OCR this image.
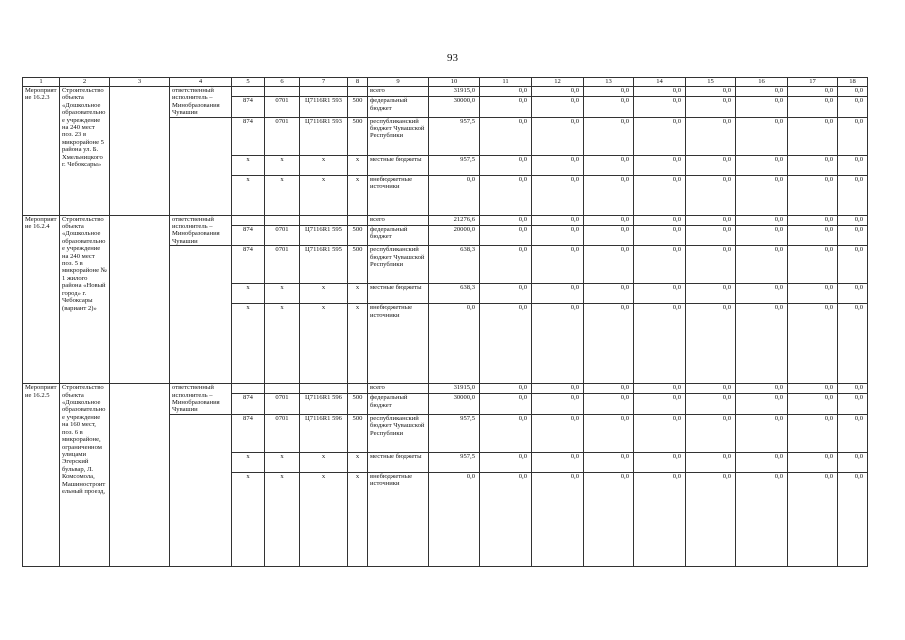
93
1	2	3	4	5	6	7	8	9	10	11	12	13	14	15	16	17	18
Мероприятие 16.2.3	Строительство объекта «Дошкольное образовательное учреждение на 240 мест поз. 23 в микрорайоне 5 района ул. Б. Хмельницкого г. Чебоксары»		ответственный исполнитель – Минобразования Чувашии					всего	31915,0	0,0	0,0	0,0	0,0	0,0	0,0	0,0	0,0
				874	0701	Ц7116R1 593	500	федеральный бюджет	30000,0	0,0	0,0	0,0	0,0	0,0	0,0	0,0	0,0
				874	0701	Ц7116R1 593	500	республиканский бюджет Чувашской Республики	957,5	0,0	0,0	0,0	0,0	0,0	0,0	0,0	0,0
				x	x	x	x	местные бюджеты	957,5	0,0	0,0	0,0	0,0	0,0	0,0	0,0	0,0
				x	x	x	x	внебюджетные источники	0,0	0,0	0,0	0,0	0,0	0,0	0,0	0,0	0,0
Мероприятие 16.2.4	Строительство объекта «Дошкольное образовательное учреждение на 240 мест поз. 5 в микрорайоне № 1 жилого района «Новый город» г. Чебоксары (вариант 2)»		ответственный исполнитель – Минобразования Чувашии					всего	21276,6	0,0	0,0	0,0	0,0	0,0	0,0	0,0	0,0
				874	0701	Ц7116R1 595	500	федеральный бюджет	20000,0	0,0	0,0	0,0	0,0	0,0	0,0	0,0	0,0
				874	0701	Ц7116R1 595	500	республиканский бюджет Чувашской Республики	638,3	0,0	0,0	0,0	0,0	0,0	0,0	0,0	0,0
				x	x	x	x	местные бюджеты	638,3	0,0	0,0	0,0	0,0	0,0	0,0	0,0	0,0
				x	x	x	x	внебюджетные источники	0,0	0,0	0,0	0,0	0,0	0,0	0,0	0,0	0,0
Мероприятие 16.2.5	Строительство объекта «Дошкольное образовательное учреждение на 160 мест, поз. 6 в микрорайоне, ограниченном улицами Эгерский бульвар, Л. Комсомола, Машиностроительный проезд,		ответственный исполнитель – Минобразования Чувашии					всего	31915,0	0,0	0,0	0,0	0,0	0,0	0,0	0,0	0,0
				874	0701	Ц7116R1 596	500	федеральный бюджет	30000,0	0,0	0,0	0,0	0,0	0,0	0,0	0,0	0,0
				874	0701	Ц7116R1 596	500	республиканский бюджет Чувашской Республики	957,5	0,0	0,0	0,0	0,0	0,0	0,0	0,0	0,0
				x	x	x	x	местные бюджеты	957,5	0,0	0,0	0,0	0,0	0,0	0,0	0,0	0,0
				x	x	x	x	внебюджетные источники	0,0	0,0	0,0	0,0	0,0	0,0	0,0	0,0	0,0
